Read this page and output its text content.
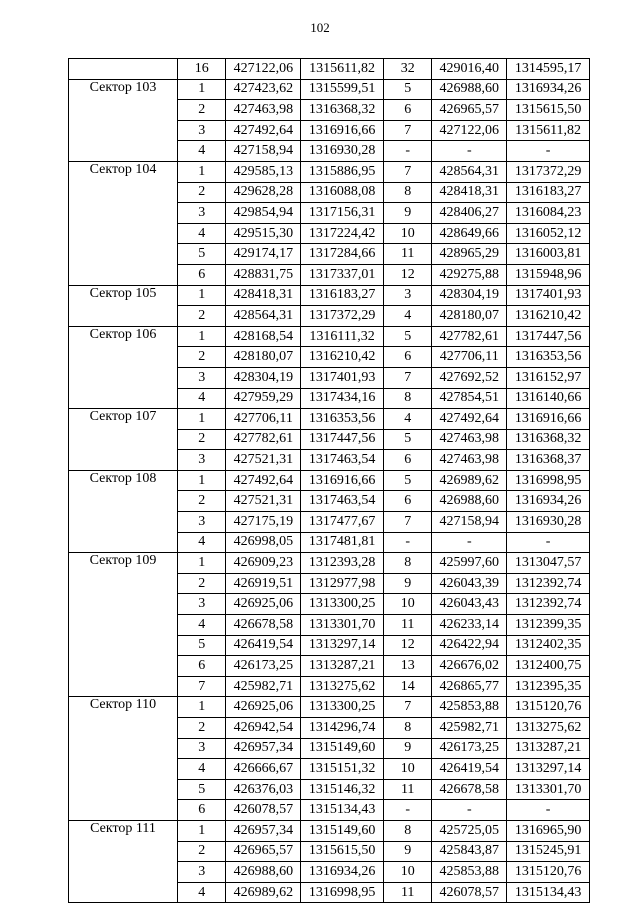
102
	16	427122,06	1315611,82	32	429016,40	1314595,17
Сектор 103	1	427423,62	1315599,51	5	426988,60	1316934,26
	2	427463,98	1316368,32	6	426965,57	1315615,50
	3	427492,64	1316916,66	7	427122,06	1315611,82
	4	427158,94	1316930,28	-	-	-
Сектор 104	1	429585,13	1315886,95	7	428564,31	1317372,29
	2	429628,28	1316088,08	8	428418,31	1316183,27
	3	429854,94	1317156,31	9	428406,27	1316084,23
	4	429515,30	1317224,42	10	428649,66	1316052,12
	5	429174,17	1317284,66	11	428965,29	1316003,81
	6	428831,75	1317337,01	12	429275,88	1315948,96
Сектор 105	1	428418,31	1316183,27	3	428304,19	1317401,93
	2	428564,31	1317372,29	4	428180,07	1316210,42
Сектор 106	1	428168,54	1316111,32	5	427782,61	1317447,56
	2	428180,07	1316210,42	6	427706,11	1316353,56
	3	428304,19	1317401,93	7	427692,52	1316152,97
	4	427959,29	1317434,16	8	427854,51	1316140,66
Сектор 107	1	427706,11	1316353,56	4	427492,64	1316916,66
	2	427782,61	1317447,56	5	427463,98	1316368,32
	3	427521,31	1317463,54	6	427463,98	1316368,37
Сектор 108	1	427492,64	1316916,66	5	426989,62	1316998,95
	2	427521,31	1317463,54	6	426988,60	1316934,26
	3	427175,19	1317477,67	7	427158,94	1316930,28
	4	426998,05	1317481,81	-	-	-
Сектор 109	1	426909,23	1312393,28	8	425997,60	1313047,57
	2	426919,51	1312977,98	9	426043,39	1312392,74
	3	426925,06	1313300,25	10	426043,43	1312392,74
	4	426678,58	1313301,70	11	426233,14	1312399,35
	5	426419,54	1313297,14	12	426422,94	1312402,35
	6	426173,25	1313287,21	13	426676,02	1312400,75
	7	425982,71	1313275,62	14	426865,77	1312395,35
Сектор 110	1	426925,06	1313300,25	7	425853,88	1315120,76
	2	426942,54	1314296,74	8	425982,71	1313275,62
	3	426957,34	1315149,60	9	426173,25	1313287,21
	4	426666,67	1315151,32	10	426419,54	1313297,14
	5	426376,03	1315146,32	11	426678,58	1313301,70
	6	426078,57	1315134,43	-	-	-
Сектор 111	1	426957,34	1315149,60	8	425725,05	1316965,90
	2	426965,57	1315615,50	9	425843,87	1315245,91
	3	426988,60	1316934,26	10	425853,88	1315120,76
	4	426989,62	1316998,95	11	426078,57	1315134,43
